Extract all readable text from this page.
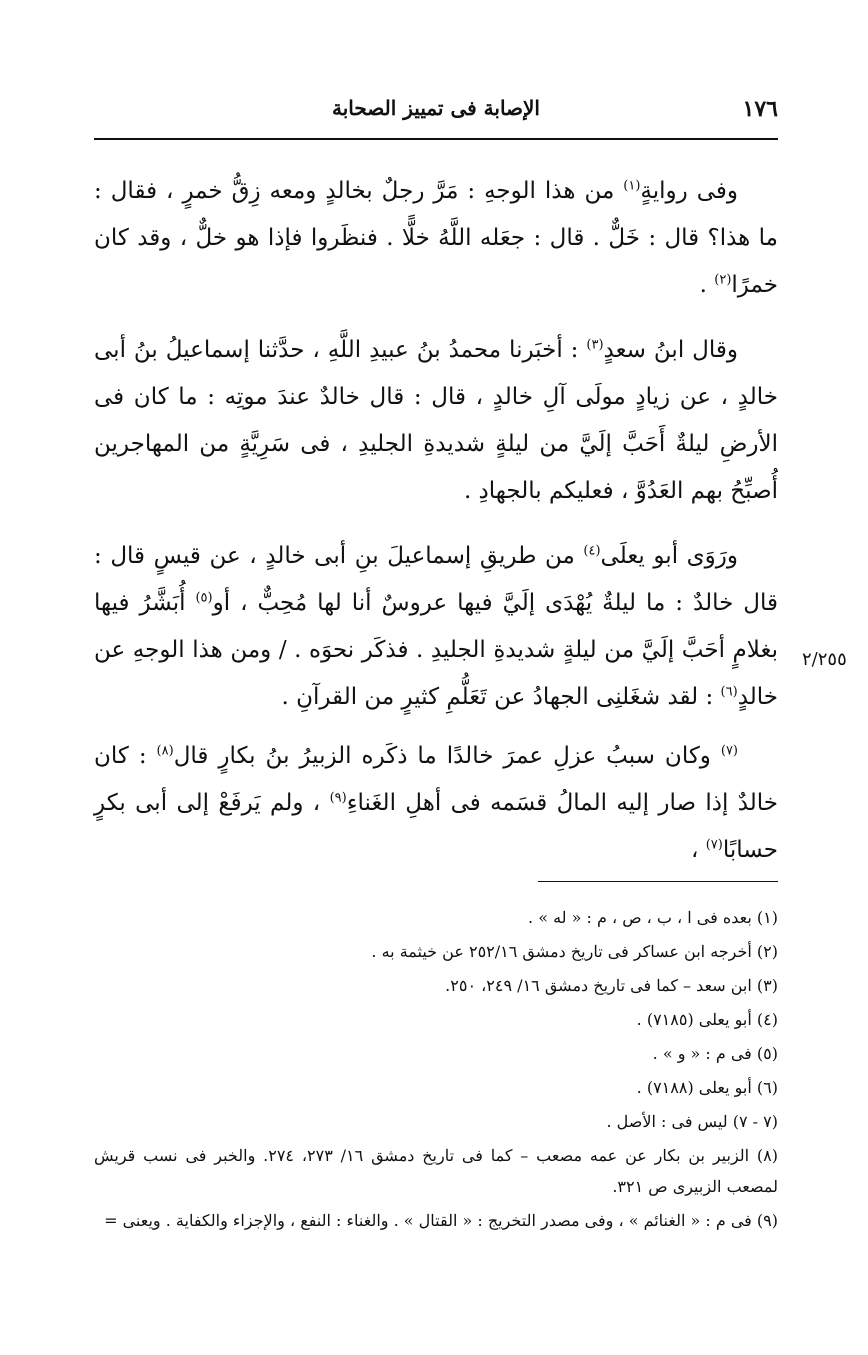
١٧٦
الإصابة فى تمييز الصحابة
٢/٢٥٥

وفى روايةٍ$^{(١)}$ من هذا الوجهِ : مَرَّ رجلٌ بخالدٍ ومعه زِقُّ خمرٍ ، فقال : ما هذا؟ قال : خَلٌّ . قال : جعَله اللَّهُ خلًّا . فنظَروا فإذا هو خلٌّ ، وقد كان خمرًا$^{(٢)}$ .

وقال ابنُ سعدٍ$^{(٣)}$ : أخبَرنا محمدُ بنُ عبيدِ اللَّهِ ، حدَّثنا إسماعيلُ بنُ أبى خالدٍ ، عن زيادٍ مولَى آلِ خالدٍ ، قال : قال خالدٌ عندَ موتِه : ما كان فى الأرضِ ليلةٌ أَحَبَّ إلَيَّ من ليلةٍ شديدةِ الجليدِ ، فى سَرِيَّةٍ من المهاجرين أُصبِّحُ بهم العَدُوَّ ، فعليكم بالجهادِ .

ورَوَى أبو يعلَى$^{(٤)}$ من طريقِ إسماعيلَ بنِ أبى خالدٍ ، عن قيسٍ قال : قال خالدٌ : ما ليلةٌ يُهْدَى إلَيَّ فيها عروسٌ أنا لها مُحِبٌّ ، أو$^{(٥)}$ أُبَشَّرُ فيها بغلامٍ أحَبَّ إلَيَّ من ليلةٍ شديدةِ الجليدِ . فذكَر نحوَه . / ومن هذا الوجهِ عن خالدٍ$^{(٦)}$ : لقد شغَلنِى الجهادُ عن تَعَلُّمِ كثيرٍ من القرآنِ .

$^{(٧)}$ وكان سببُ عزلِ عمرَ خالدًا ما ذكَره الزبيرُ بنُ بكارٍ قال$^{(٨)}$ : كان خالدٌ إذا صار إليه المالُ قسَمه فى أهلِ الغَناءِ$^{(٩)}$ ، ولم يَرفَعْ إلى أبى بكرٍ حسابًا$^{(٧)}$ ،

(١) بعده فى ا ، ب ، ص ، م : « له » .
(٢) أخرجه ابن عساكر فى تاريخ دمشق ٢٥٢/١٦ عن خيثمة به .
(٣) ابن سعد – كما فى تاريخ دمشق ١٦/ ٢٤٩، ٢٥٠.
(٤) أبو يعلى (٧١٨٥) .
(٥) فى م : « و » .
(٦) أبو يعلى (٧١٨٨) .
(٧ - ٧) ليس فى : الأصل .
(٨) الزبير بن بكار عن عمه مصعب – كما فى تاريخ دمشق ١٦/ ٢٧٣، ٢٧٤. والخبر فى نسب قريش لمصعب الزبيرى ص ٣٢١.
(٩) فى م : « الغنائم » ، وفى مصدر التخريج : « القتال » . والغناء : النفع ، والإجزاء والكفاية . ويعنى =
